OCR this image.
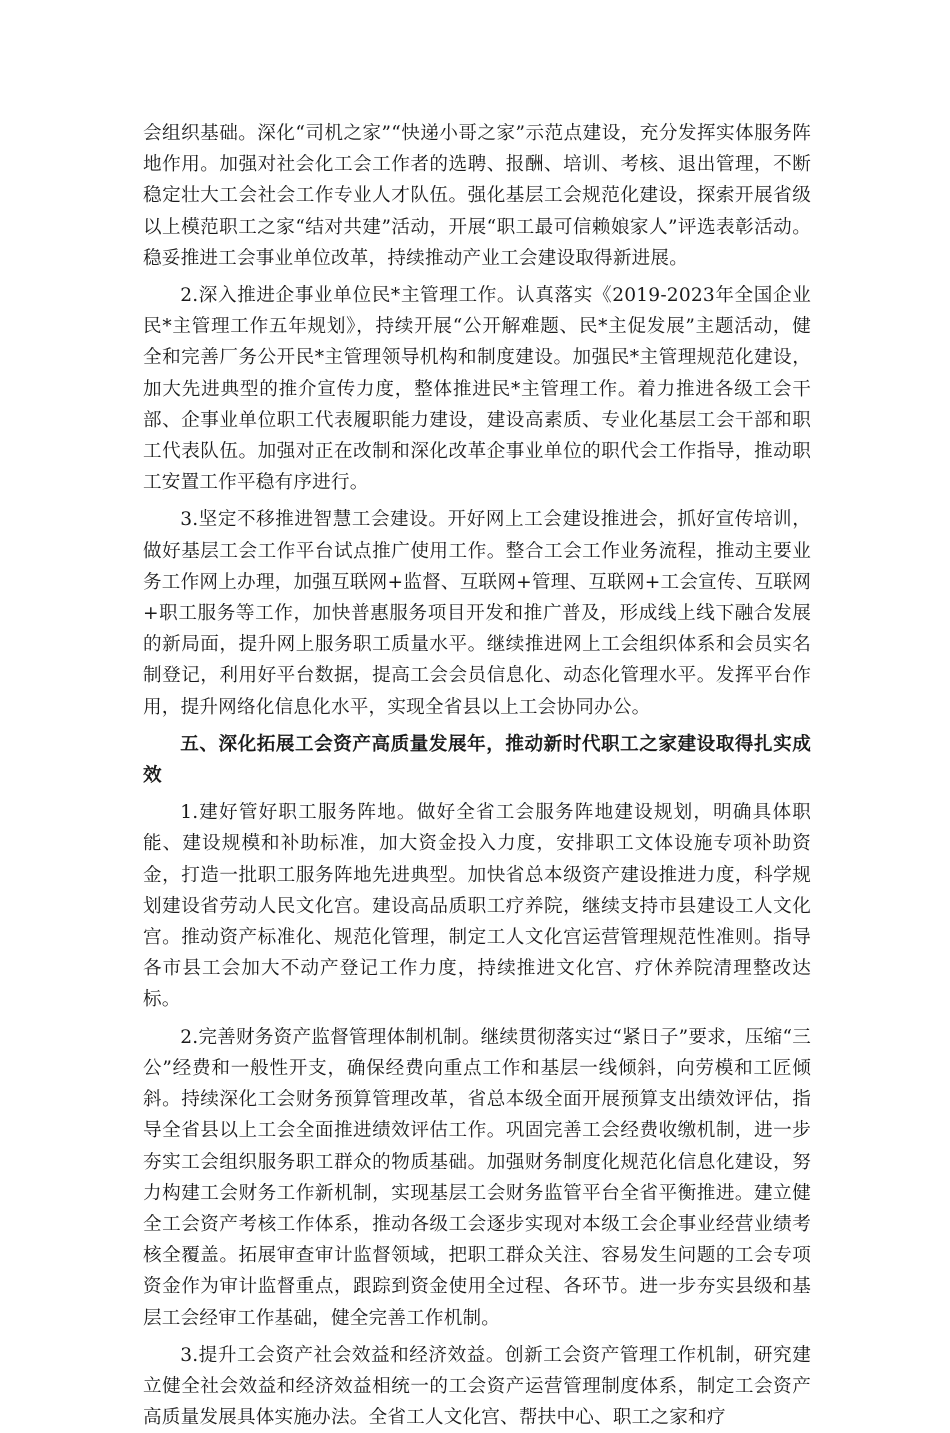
会组织基础。深化“司机之家”“快递小哥之家”示范点建设，充分发挥实体服务阵地作用。加强对社会化工会工作者的选聘、报酬、培训、考核、退出管理，不断稳定壮大工会社会工作专业人才队伍。强化基层工会规范化建设，探索开展省级以上模范职工之家“结对共建”活动，开展“职工最可信赖娘家人”评选表彰活动。稳妥推进工会事业单位改革，持续推动产业工会建设取得新进展。

2.深入推进企事业单位民*主管理工作。认真落实《2019-2023年全国企业民*主管理工作五年规划》，持续开展“公开解难题、民*主促发展”主题活动，健全和完善厂务公开民*主管理领导机构和制度建设。加强民*主管理规范化建设，加大先进典型的推介宣传力度，整体推进民*主管理工作。着力推进各级工会干部、企事业单位职工代表履职能力建设，建设高素质、专业化基层工会干部和职工代表队伍。加强对正在改制和深化改革企事业单位的职代会工作指导，推动职工安置工作平稳有序进行。

3.坚定不移推进智慧工会建设。开好网上工会建设推进会，抓好宣传培训，做好基层工会工作平台试点推广使用工作。整合工会工作业务流程，推动主要业务工作网上办理，加强互联网+监督、互联网+管理、互联网+工会宣传、互联网+职工服务等工作，加快普惠服务项目开发和推广普及，形成线上线下融合发展的新局面，提升网上服务职工质量水平。继续推进网上工会组织体系和会员实名制登记，利用好平台数据，提高工会会员信息化、动态化管理水平。发挥平台作用，提升网络化信息化水平，实现全省县以上工会协同办公。

五、深化拓展工会资产高质量发展年，推动新时代职工之家建设取得扎实成效

1.建好管好职工服务阵地。做好全省工会服务阵地建设规划，明确具体职能、建设规模和补助标准，加大资金投入力度，安排职工文体设施专项补助资金，打造一批职工服务阵地先进典型。加快省总本级资产建设推进力度，科学规划建设省劳动人民文化宫。建设高品质职工疗养院，继续支持市县建设工人文化宫。推动资产标准化、规范化管理，制定工人文化宫运营管理规范性准则。指导各市县工会加大不动产登记工作力度，持续推进文化宫、疗休养院清理整改达标。

2.完善财务资产监督管理体制机制。继续贯彻落实过“紧日子”要求，压缩“三公”经费和一般性开支，确保经费向重点工作和基层一线倾斜，向劳模和工匠倾斜。持续深化工会财务预算管理改革，省总本级全面开展预算支出绩效评估，指导全省县以上工会全面推进绩效评估工作。巩固完善工会经费收缴机制，进一步夯实工会组织服务职工群众的物质基础。加强财务制度化规范化信息化建设，努力构建工会财务工作新机制，实现基层工会财务监管平台全省平衡推进。建立健全工会资产考核工作体系，推动各级工会逐步实现对本级工会企事业经营业绩考核全覆盖。拓展审查审计监督领域，把职工群众关注、容易发生问题的工会专项资金作为审计监督重点，跟踪到资金使用全过程、各环节。进一步夯实县级和基层工会经审工作基础，健全完善工作机制。

3.提升工会资产社会效益和经济效益。创新工会资产管理工作机制，研究建立健全社会效益和经济效益相统一的工会资产运营管理制度体系，制定工会资产高质量发展具体实施办法。全省工人文化宫、帮扶中心、职工之家和疗
